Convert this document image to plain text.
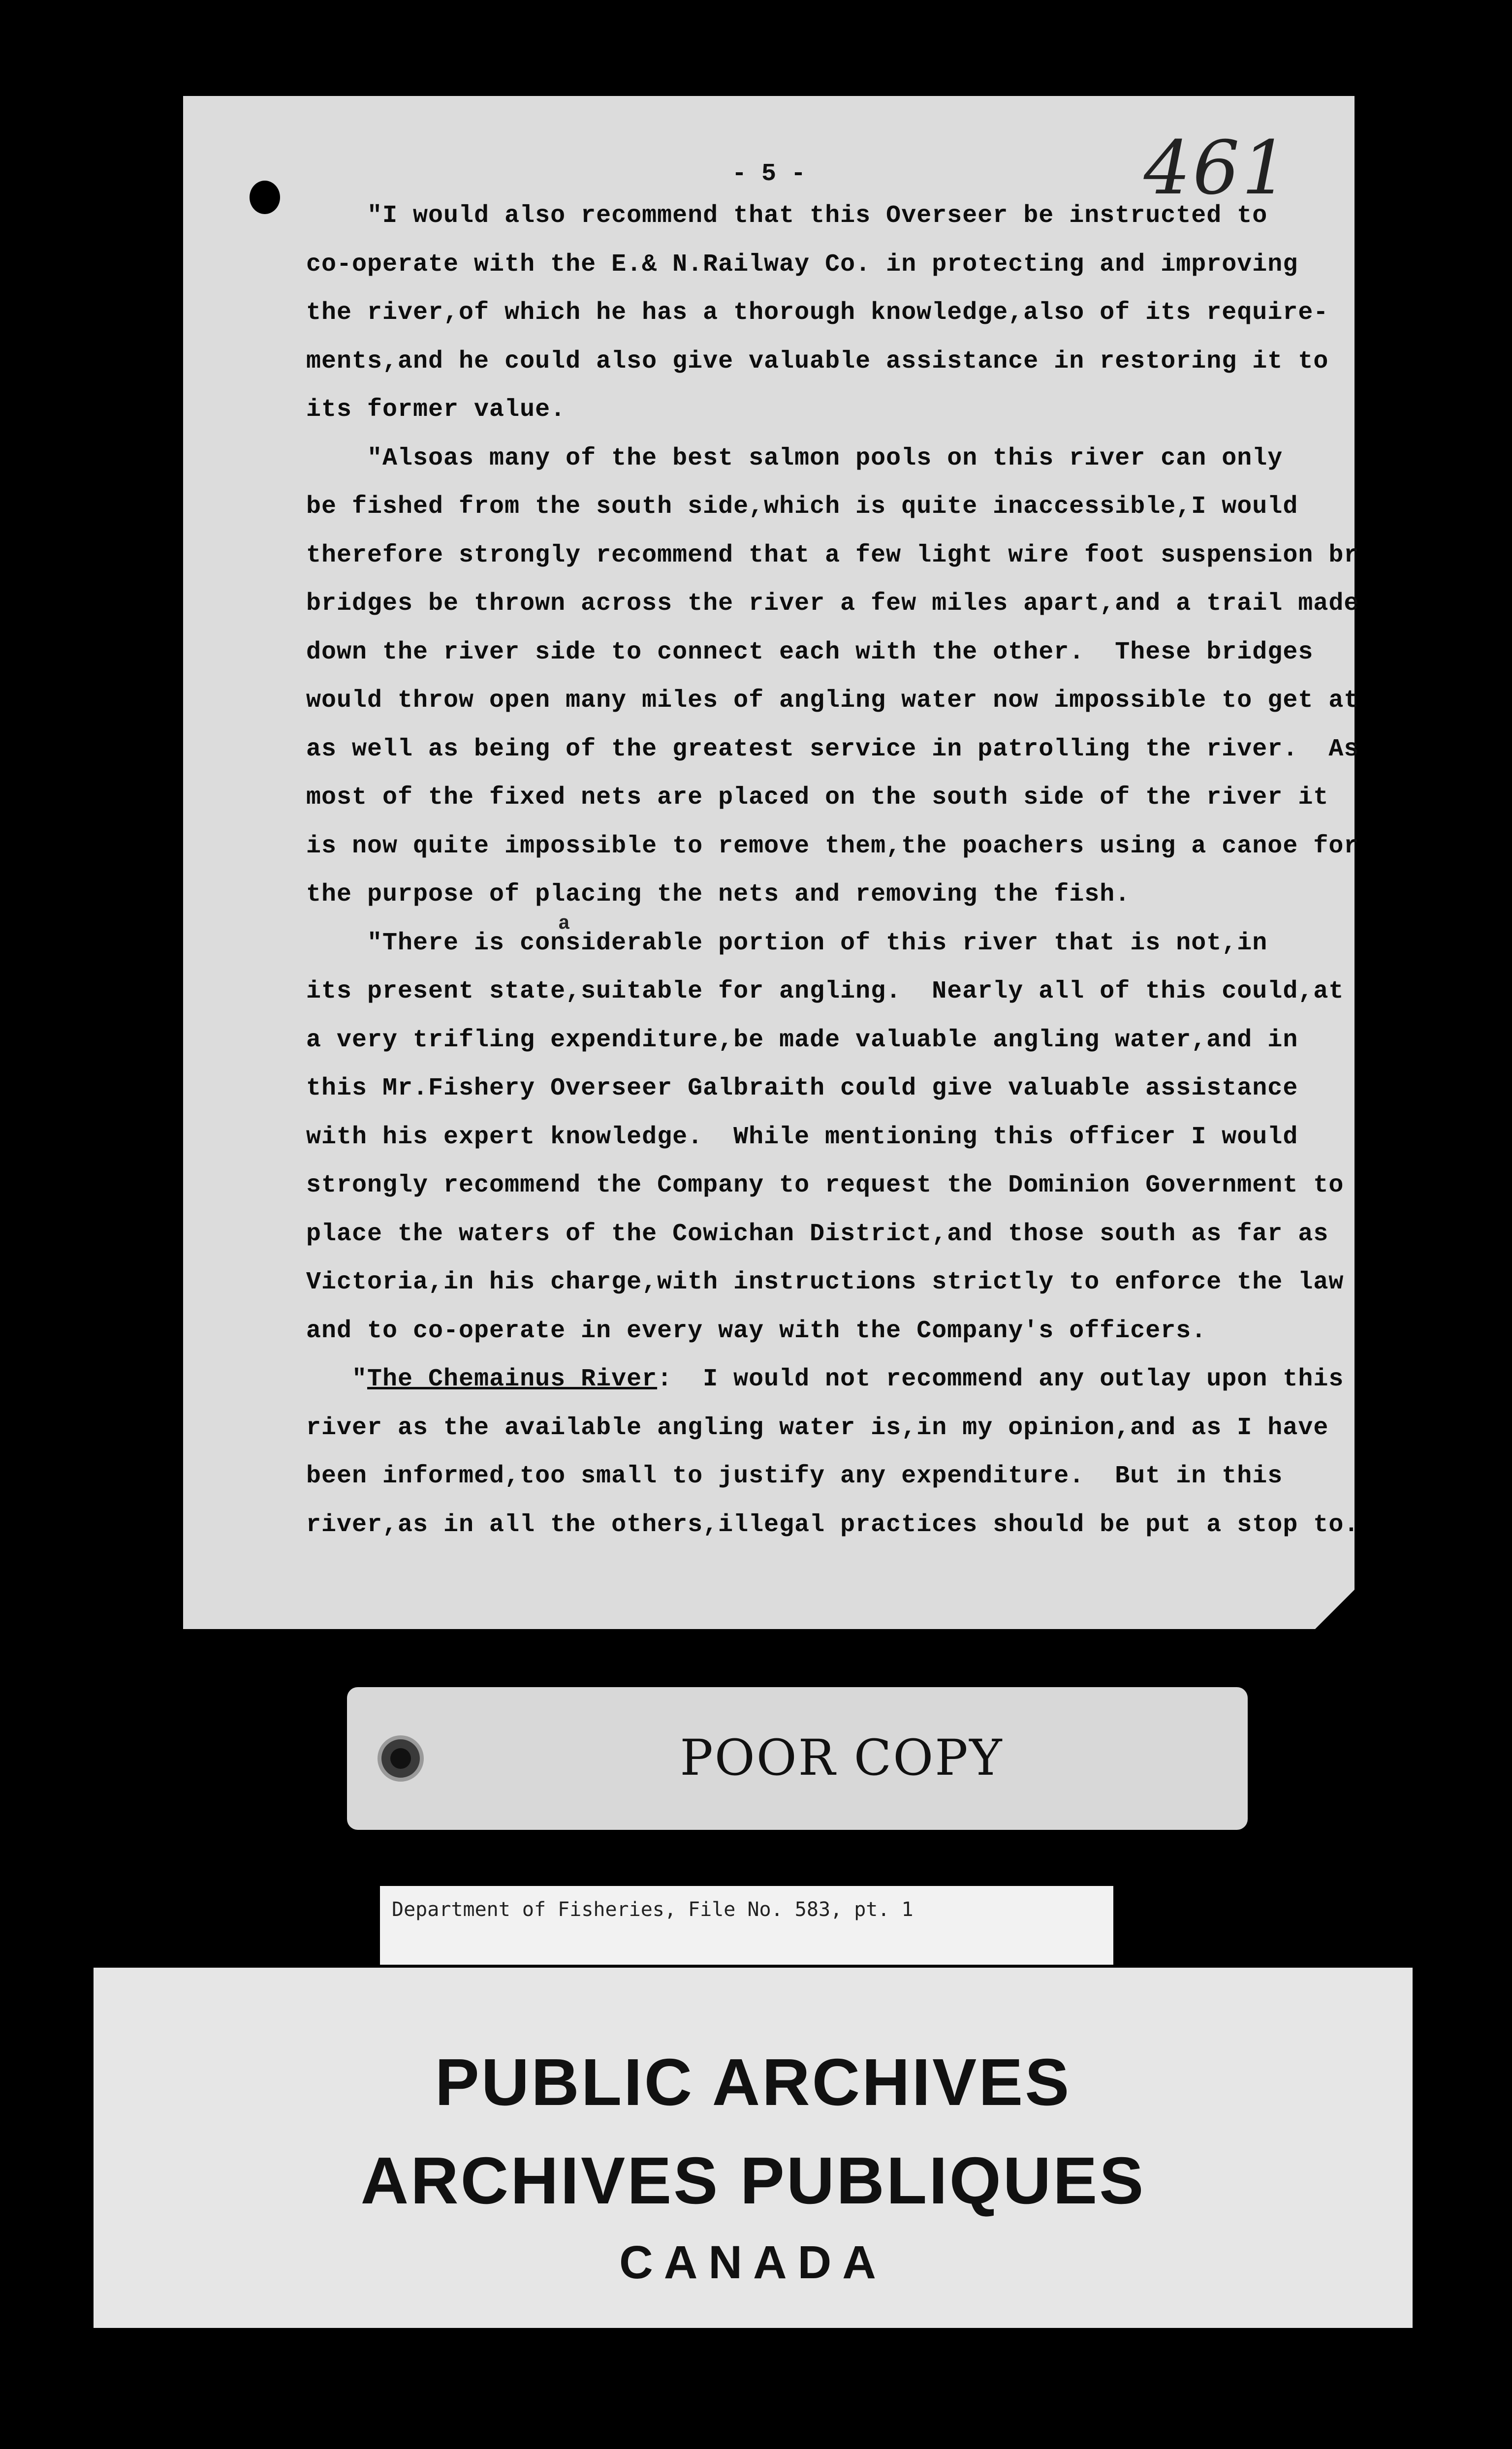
- 5 -	461
a
"I would also recommend that this Overseer be instructed to
co-operate with the E.& N.Railway Co. in protecting and improving
the river,of which he has a thorough knowledge,also of its require-
ments,and he could also give valuable assistance in restoring it to
its former value.
"Alsoas many of the best salmon pools on this river can only
be fished from the south side,which is quite inaccessible,I would
therefore strongly recommend that a few light wire foot suspension br
bridges be thrown across the river a few miles apart,and a trail made
down the river side to connect each with the other.  These bridges
would throw open many miles of angling water now impossible to get at
as well as being of the greatest service in patrolling the river.  As
most of the fixed nets are placed on the south side of the river it
is now quite impossible to remove them,the poachers using a canoe for
the purpose of placing the nets and removing the fish.
"There is considerable portion of this river that is not,in
its present state,suitable for angling.  Nearly all of this could,at
a very trifling expenditure,be made valuable angling water,and in
this Mr.Fishery Overseer Galbraith could give valuable assistance
with his expert knowledge.  While mentioning this officer I would
strongly recommend the Company to request the Dominion Government to
place the waters of the Cowichan District,and those south as far as
Victoria,in his charge,with instructions strictly to enforce the law
and to co-operate in every way with the Company's officers.
"The Chemainus River:  I would not recommend any outlay upon this
river as the available angling water is,in my opinion,and as I have
been informed,too small to justify any expenditure.  But in this
river,as in all the others,illegal practices should be put a stop to.
POOR COPY
Department of Fisheries, File No. 583, pt. 1
PUBLIC ARCHIVES
ARCHIVES PUBLIQUES
CANADA
